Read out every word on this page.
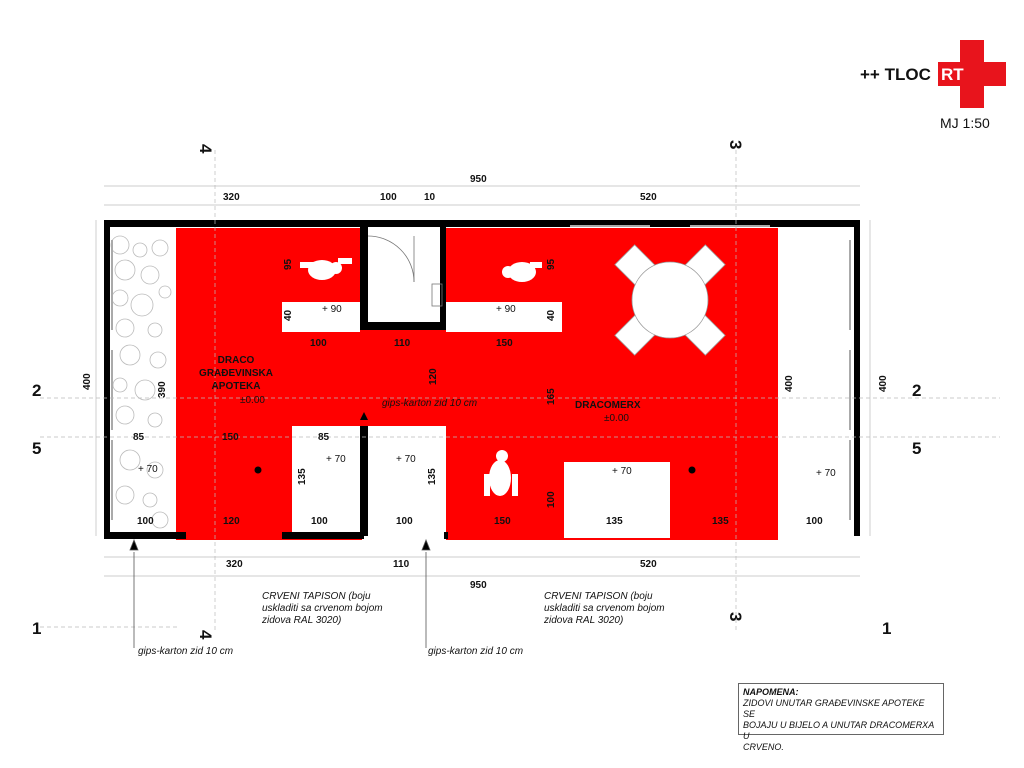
++ TLOC RT
MJ 1:50
2	2
5	5
1	1
4
4
3
3
950
320	100	10	520
320	110	520
950
400	390	400	400
100	110	150
85	150	85
100	120	100	100	150	135	135	100
95
40
120
165
135	135
95
40
100
DRACO
GRAĐEVINSKA
APOTEKA
±0.00	DRACOMERX
±0.00
+ 90	+ 90
+ 70
+ 70	+ 70
+ 70	+ 70
gips-karton zid 10 cm
gips-karton zid 10 cm	gips-karton zid 10 cm
CRVENI TAPISON (boju
uskladiti sa crvenom bojom
zidova RAL 3020)
CRVENI TAPISON (boju
uskladiti sa crvenom bojom
zidova RAL 3020)
NAPOMENA:
ZIDOVI UNUTAR GRAĐEVINSKE APOTEKE SE
BOJAJU U BIJELO A UNUTAR DRACOMERXA U
CRVENO.
